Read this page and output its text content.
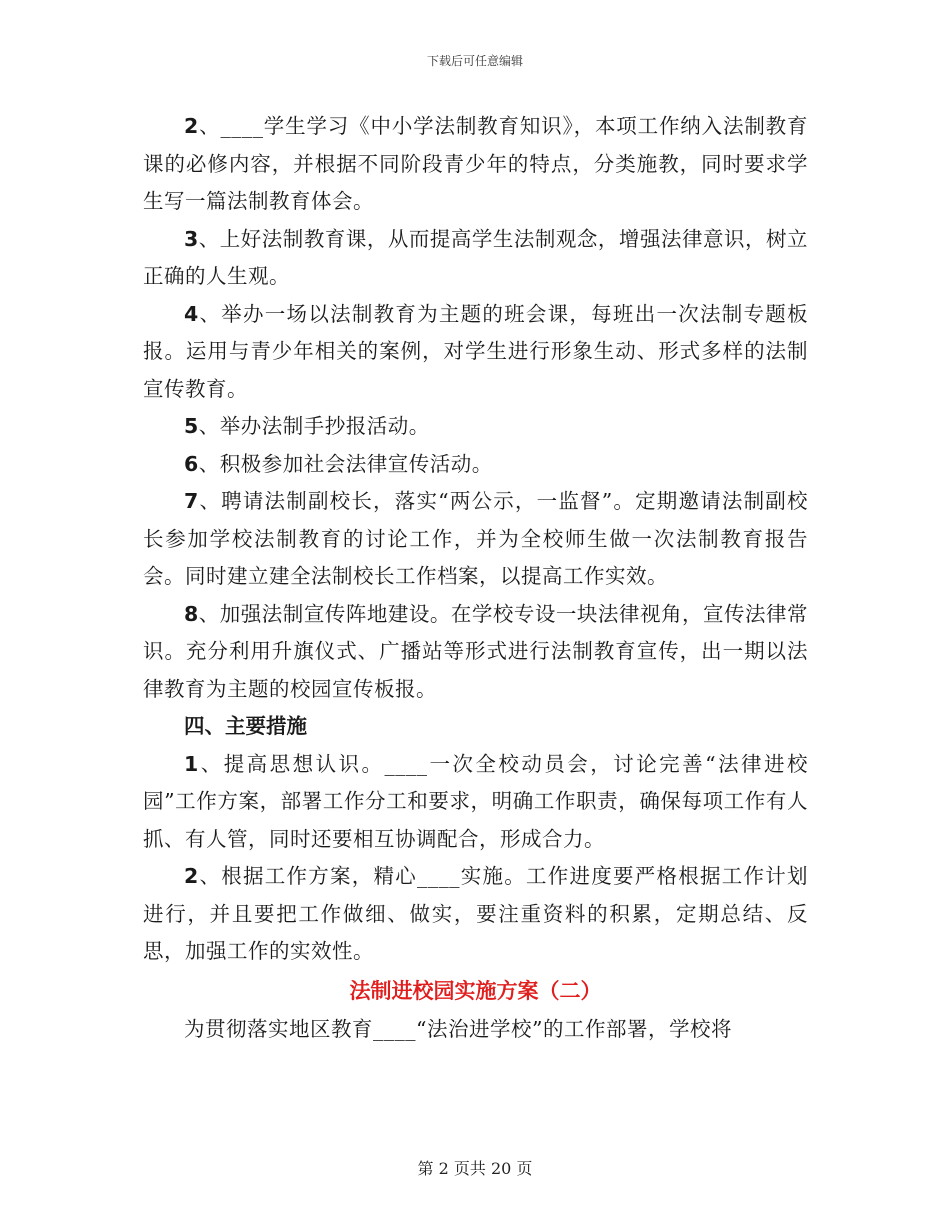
下载后可任意编辑

2、____学生学习《中小学法制教育知识》，本项工作纳入法制教育课的必修内容，并根据不同阶段青少年的特点，分类施教，同时要求学生写一篇法制教育体会。

3、上好法制教育课，从而提高学生法制观念，增强法律意识，树立正确的人生观。

4、举办一场以法制教育为主题的班会课，每班出一次法制专题板报。运用与青少年相关的案例，对学生进行形象生动、形式多样的法制宣传教育。

5、举办法制手抄报活动。

6、积极参加社会法律宣传活动。

7、聘请法制副校长，落实“两公示，一监督”。定期邀请法制副校长参加学校法制教育的讨论工作，并为全校师生做一次法制教育报告会。同时建立建全法制校长工作档案，以提高工作实效。

8、加强法制宣传阵地建设。在学校专设一块法律视角，宣传法律常识。充分利用升旗仪式、广播站等形式进行法制教育宣传，出一期以法律教育为主题的校园宣传板报。

四、主要措施

1、提高思想认识。____一次全校动员会，讨论完善“法律进校园”工作方案，部署工作分工和要求，明确工作职责，确保每项工作有人抓、有人管，同时还要相互协调配合，形成合力。

2、根据工作方案，精心____实施。工作进度要严格根据工作计划进行，并且要把工作做细、做实，要注重资料的积累，定期总结、反思，加强工作的实效性。

法制进校园实施方案（二）

为贯彻落实地区教育____“法治进学校”的工作部署，学校将

第 2 页共 20 页
